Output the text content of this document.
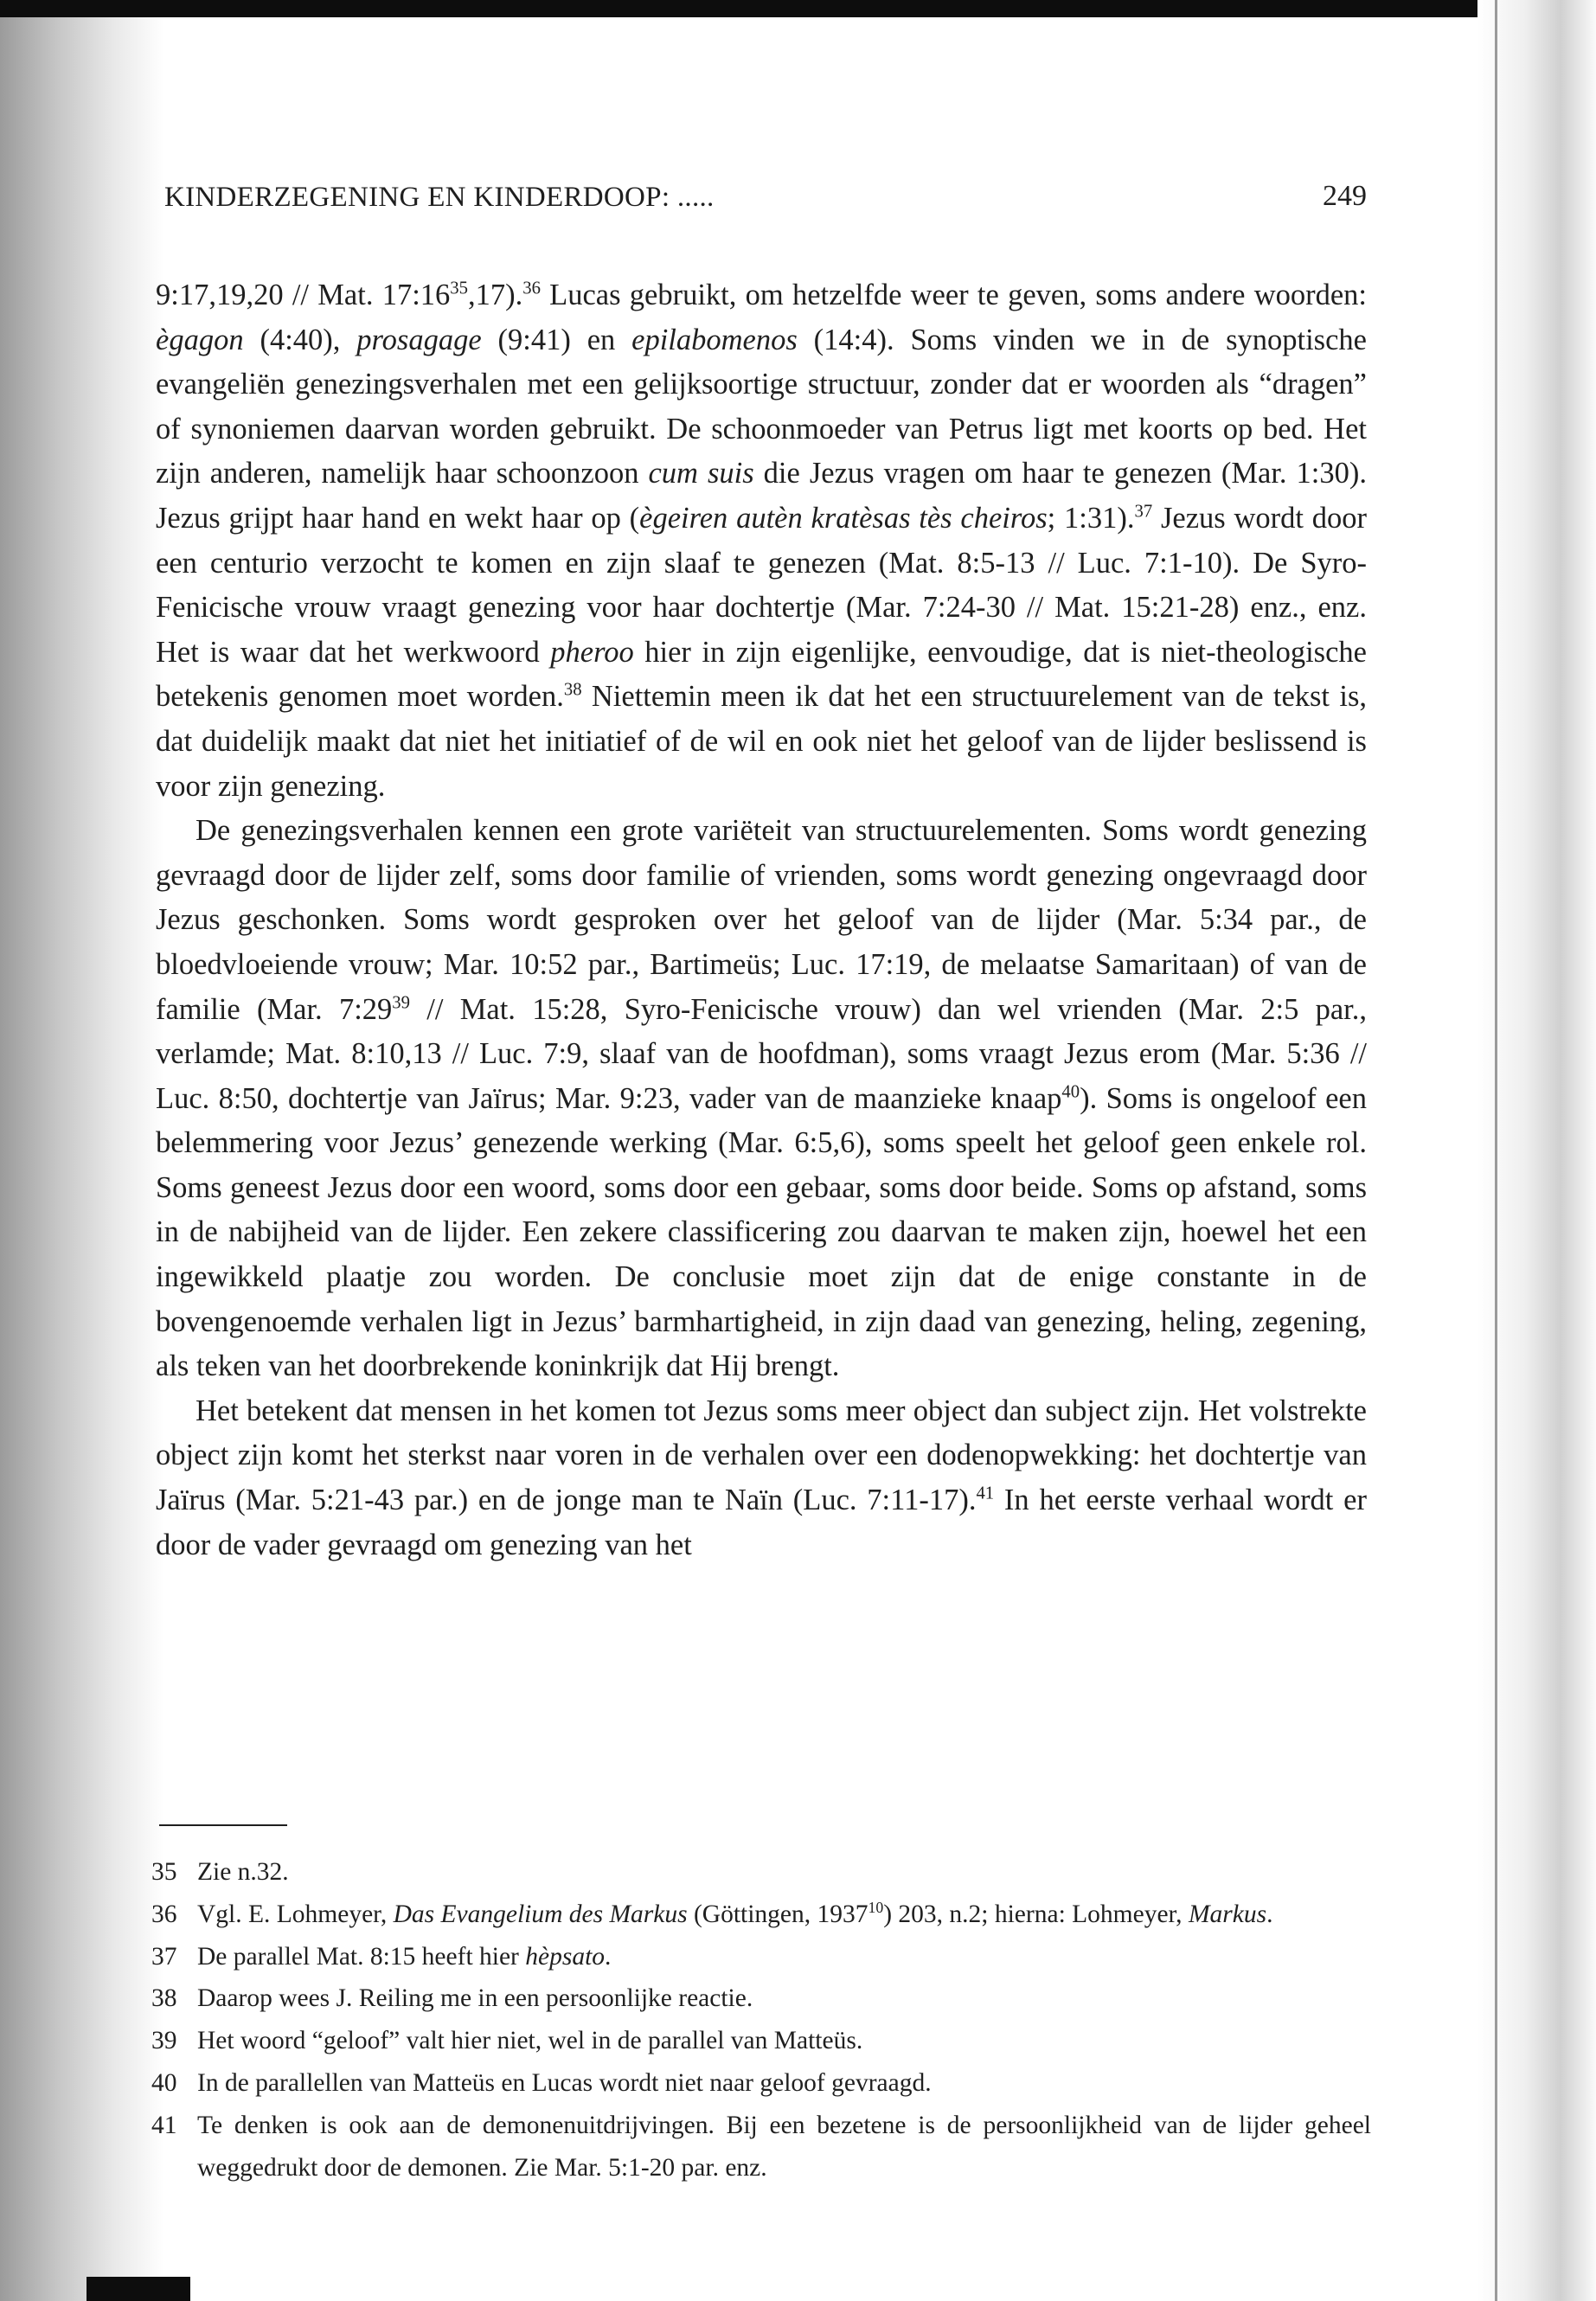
KINDERZEGENING EN KINDERDOOP: .....	249

9:17,19,20 // Mat. $17:16^{35},17).^{36}$ Lucas gebruikt, om hetzelfde weer te geven, soms andere woorden: ègagon (4:40), prosagage (9:41) en epilabomenos (14:4). Soms vinden we in de synoptische evangeliën genezingsverhalen met een gelijksoortige structuur, zonder dat er woorden als “dragen” of synoniemen daarvan worden gebruikt. De schoonmoeder van Petrus ligt met koorts op bed. Het zijn anderen, namelijk haar schoonzoon cum suis die Jezus vragen om haar te genezen (Mar. 1:30). Jezus grijpt haar hand en wekt haar op (ègeiren autèn kratèsas tès cheiros; 1:31).$^{37}$ Jezus wordt door een centurio verzocht te komen en zijn slaaf te genezen (Mat. 8:5-13 // Luc. 7:1-10). De Syro-Fenicische vrouw vraagt genezing voor haar dochtertje (Mar. 7:24-30 // Mat. 15:21-28) enz., enz. Het is waar dat het werkwoord pheroo hier in zijn eigenlijke, eenvoudige, dat is niet-theologische betekenis genomen moet worden.$^{38}$ Niettemin meen ik dat het een structuurelement van de tekst is, dat duidelijk maakt dat niet het initiatief of de wil en ook niet het geloof van de lijder beslissend is voor zijn genezing.

De genezingsverhalen kennen een grote variëteit van structuurelementen. Soms wordt genezing gevraagd door de lijder zelf, soms door familie of vrienden, soms wordt genezing ongevraagd door Jezus geschonken. Soms wordt gesproken over het geloof van de lijder (Mar. 5:34 par., de bloedvloeiende vrouw; Mar. 10:52 par., Bartimeüs; Luc. 17:19, de melaatse Samaritaan) of van de familie (Mar. $7:29^{39}$ // Mat. 15:28, Syro-Fenicische vrouw) dan wel vrienden (Mar. 2:5 par., verlamde; Mat. 8:10,13 // Luc. 7:9, slaaf van de hoofdman), soms vraagt Jezus erom (Mar. 5:36 // Luc. 8:50, dochtertje van Jaïrus; Mar. 9:23, vader van de maanzieke knaap$^{40}$). Soms is ongeloof een belemmering voor Jezus’ genezende werking (Mar. 6:5,6), soms speelt het geloof geen enkele rol. Soms geneest Jezus door een woord, soms door een gebaar, soms door beide. Soms op afstand, soms in de nabijheid van de lijder. Een zekere classificering zou daarvan te maken zijn, hoewel het een ingewikkeld plaatje zou worden. De conclusie moet zijn dat de enige constante in de bovengenoemde verhalen ligt in Jezus’ barmhartigheid, in zijn daad van genezing, heling, zegening, als teken van het doorbrekende koninkrijk dat Hij brengt.

Het betekent dat mensen in het komen tot Jezus soms meer object dan subject zijn. Het volstrekte object zijn komt het sterkst naar voren in de verhalen over een dodenopwekking: het dochtertje van Jaïrus (Mar. 5:21-43 par.) en de jonge man te Naïn (Luc. 7:11-17).$^{41}$ In het eerste verhaal wordt er door de vader gevraagd om genezing van het

35 Zie n.32.
36 Vgl. E. Lohmeyer, Das Evangelium des Markus (Göttingen, 1937$^{10}$) 203, n.2; hierna: Lohmeyer, Markus.
37 De parallel Mat. 8:15 heeft hier hèpsato.
38 Daarop wees J. Reiling me in een persoonlijke reactie.
39 Het woord “geloof” valt hier niet, wel in de parallel van Matteüs.
40 In de parallellen van Matteüs en Lucas wordt niet naar geloof gevraagd.
41 Te denken is ook aan de demonenuitdrijvingen. Bij een bezetene is de persoonlijkheid van de lijder geheel weggedrukt door de demonen. Zie Mar. 5:1-20 par. enz.
